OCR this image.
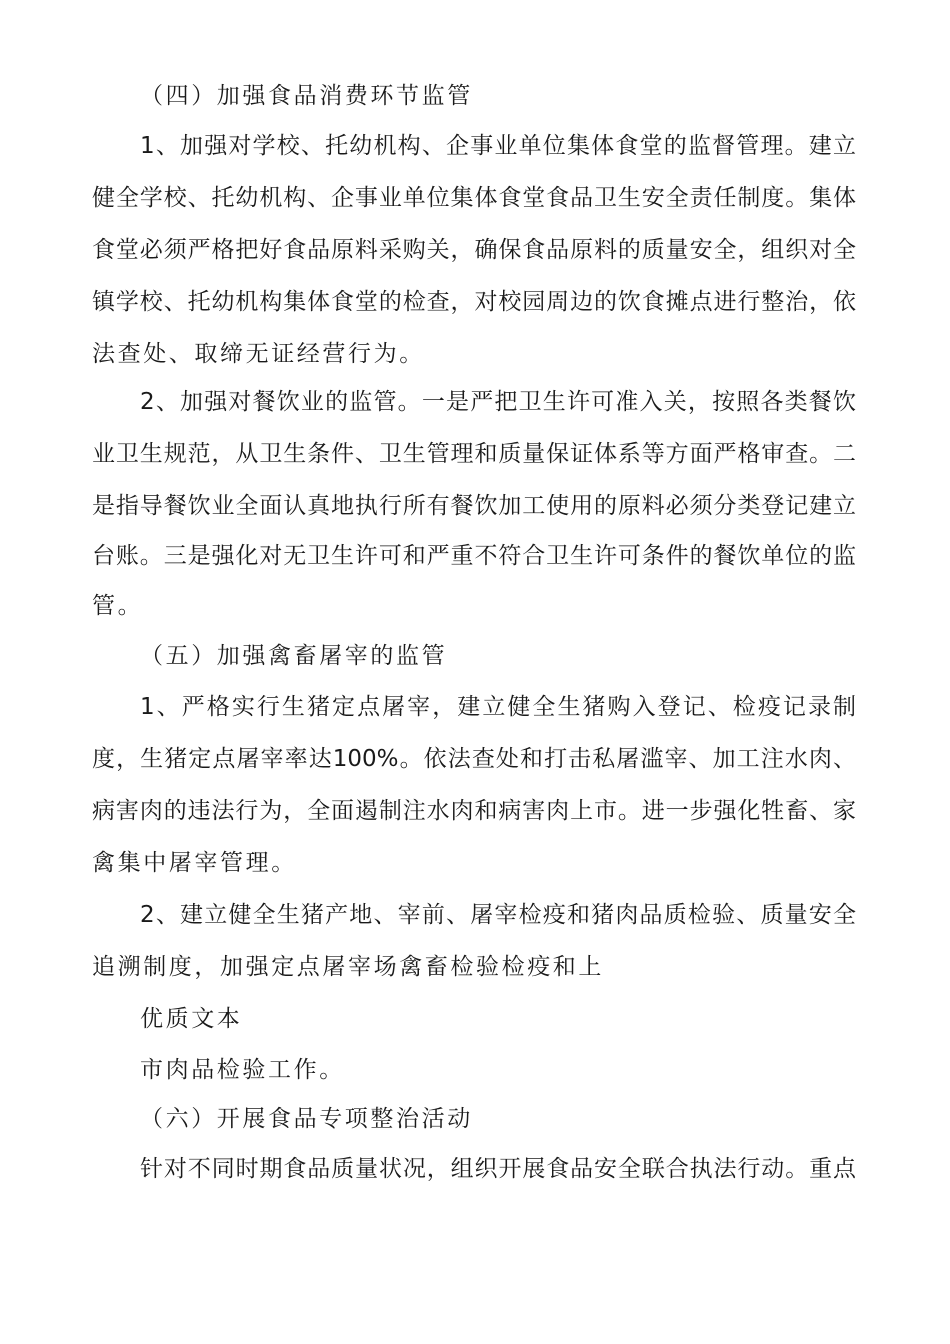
（四）加强食品消费环节监管
1、加强对学校、托幼机构、企事业单位集体食堂的监督管理。建立
健全学校、托幼机构、企事业单位集体食堂食品卫生安全责任制度。集体
食堂必须严格把好食品原料采购关，确保食品原料的质量安全，组织对全
镇学校、托幼机构集体食堂的检查，对校园周边的饮食摊点进行整治，依
法查处、取缔无证经营行为。
2、加强对餐饮业的监管。一是严把卫生许可准入关，按照各类餐饮
业卫生规范，从卫生条件、卫生管理和质量保证体系等方面严格审查。二
是指导餐饮业全面认真地执行所有餐饮加工使用的原料必须分类登记建立
台账。三是强化对无卫生许可和严重不符合卫生许可条件的餐饮单位的监
管。
（五）加强禽畜屠宰的监管
1、严格实行生猪定点屠宰，建立健全生猪购入登记、检疫记录制
度，生猪定点屠宰率达100%。依法查处和打击私屠滥宰、加工注水肉、
病害肉的违法行为，全面遏制注水肉和病害肉上市。进一步强化牲畜、家
禽集中屠宰管理。
2、建立健全生猪产地、宰前、屠宰检疫和猪肉品质检验、质量安全
追溯制度，加强定点屠宰场禽畜检验检疫和上
优质文本
市肉品检验工作。
（六）开展食品专项整治活动
针对不同时期食品质量状况，组织开展食品安全联合执法行动。重点
